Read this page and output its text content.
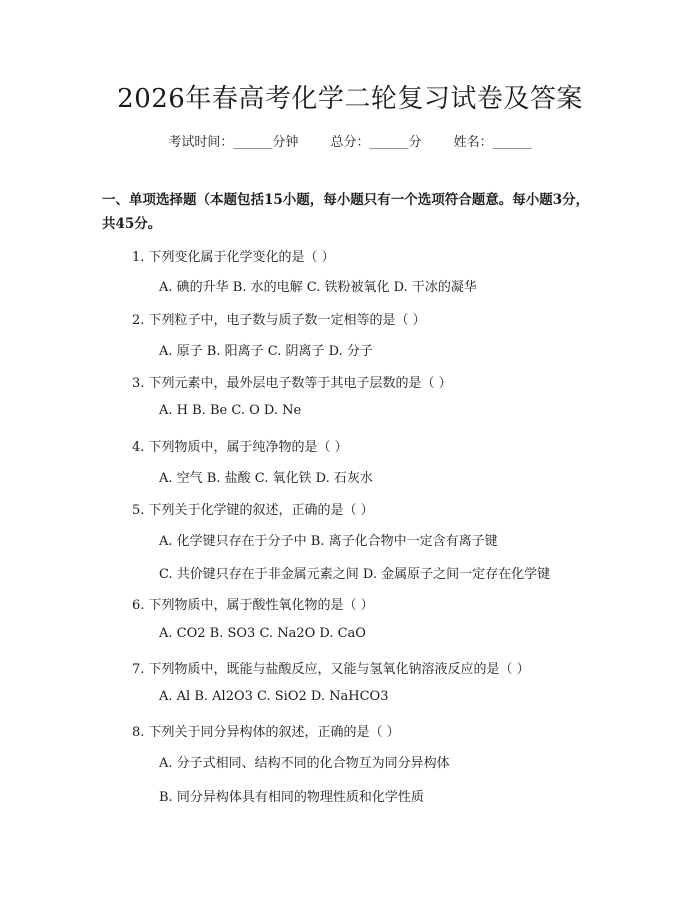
2026年春高考化学二轮复习试卷及答案
考试时间：______分钟 总分：______分 姓名：______
一、单项选择题（本题包括15小题，每小题只有一个选项符合题意。每小题3分，共45分。
1. 下列变化属于化学变化的是（ ）
A. 碘的升华 B. 水的电解 C. 铁粉被氧化 D. 干冰的凝华
2. 下列粒子中，电子数与质子数一定相等的是（ ）
A. 原子 B. 阳离子 C. 阴离子 D. 分子
3. 下列元素中，最外层电子数等于其电子层数的是（ ）
A. H B. Be C. O D. Ne
4. 下列物质中，属于纯净物的是（ ）
A. 空气 B. 盐酸 C. 氧化铁 D. 石灰水
5. 下列关于化学键的叙述，正确的是（ ）
A. 化学键只存在于分子中 B. 离子化合物中一定含有离子键
C. 共价键只存在于非金属元素之间 D. 金属原子之间一定存在化学键
6. 下列物质中，属于酸性氧化物的是（ ）
A. CO2 B. SO3 C. Na2O D. CaO
7. 下列物质中，既能与盐酸反应，又能与氢氧化钠溶液反应的是（ ）
A. Al B. Al2O3 C. SiO2 D. NaHCO3
8. 下列关于同分异构体的叙述，正确的是（ ）
A. 分子式相同、结构不同的化合物互为同分异构体
B. 同分异构体具有相同的物理性质和化学性质
